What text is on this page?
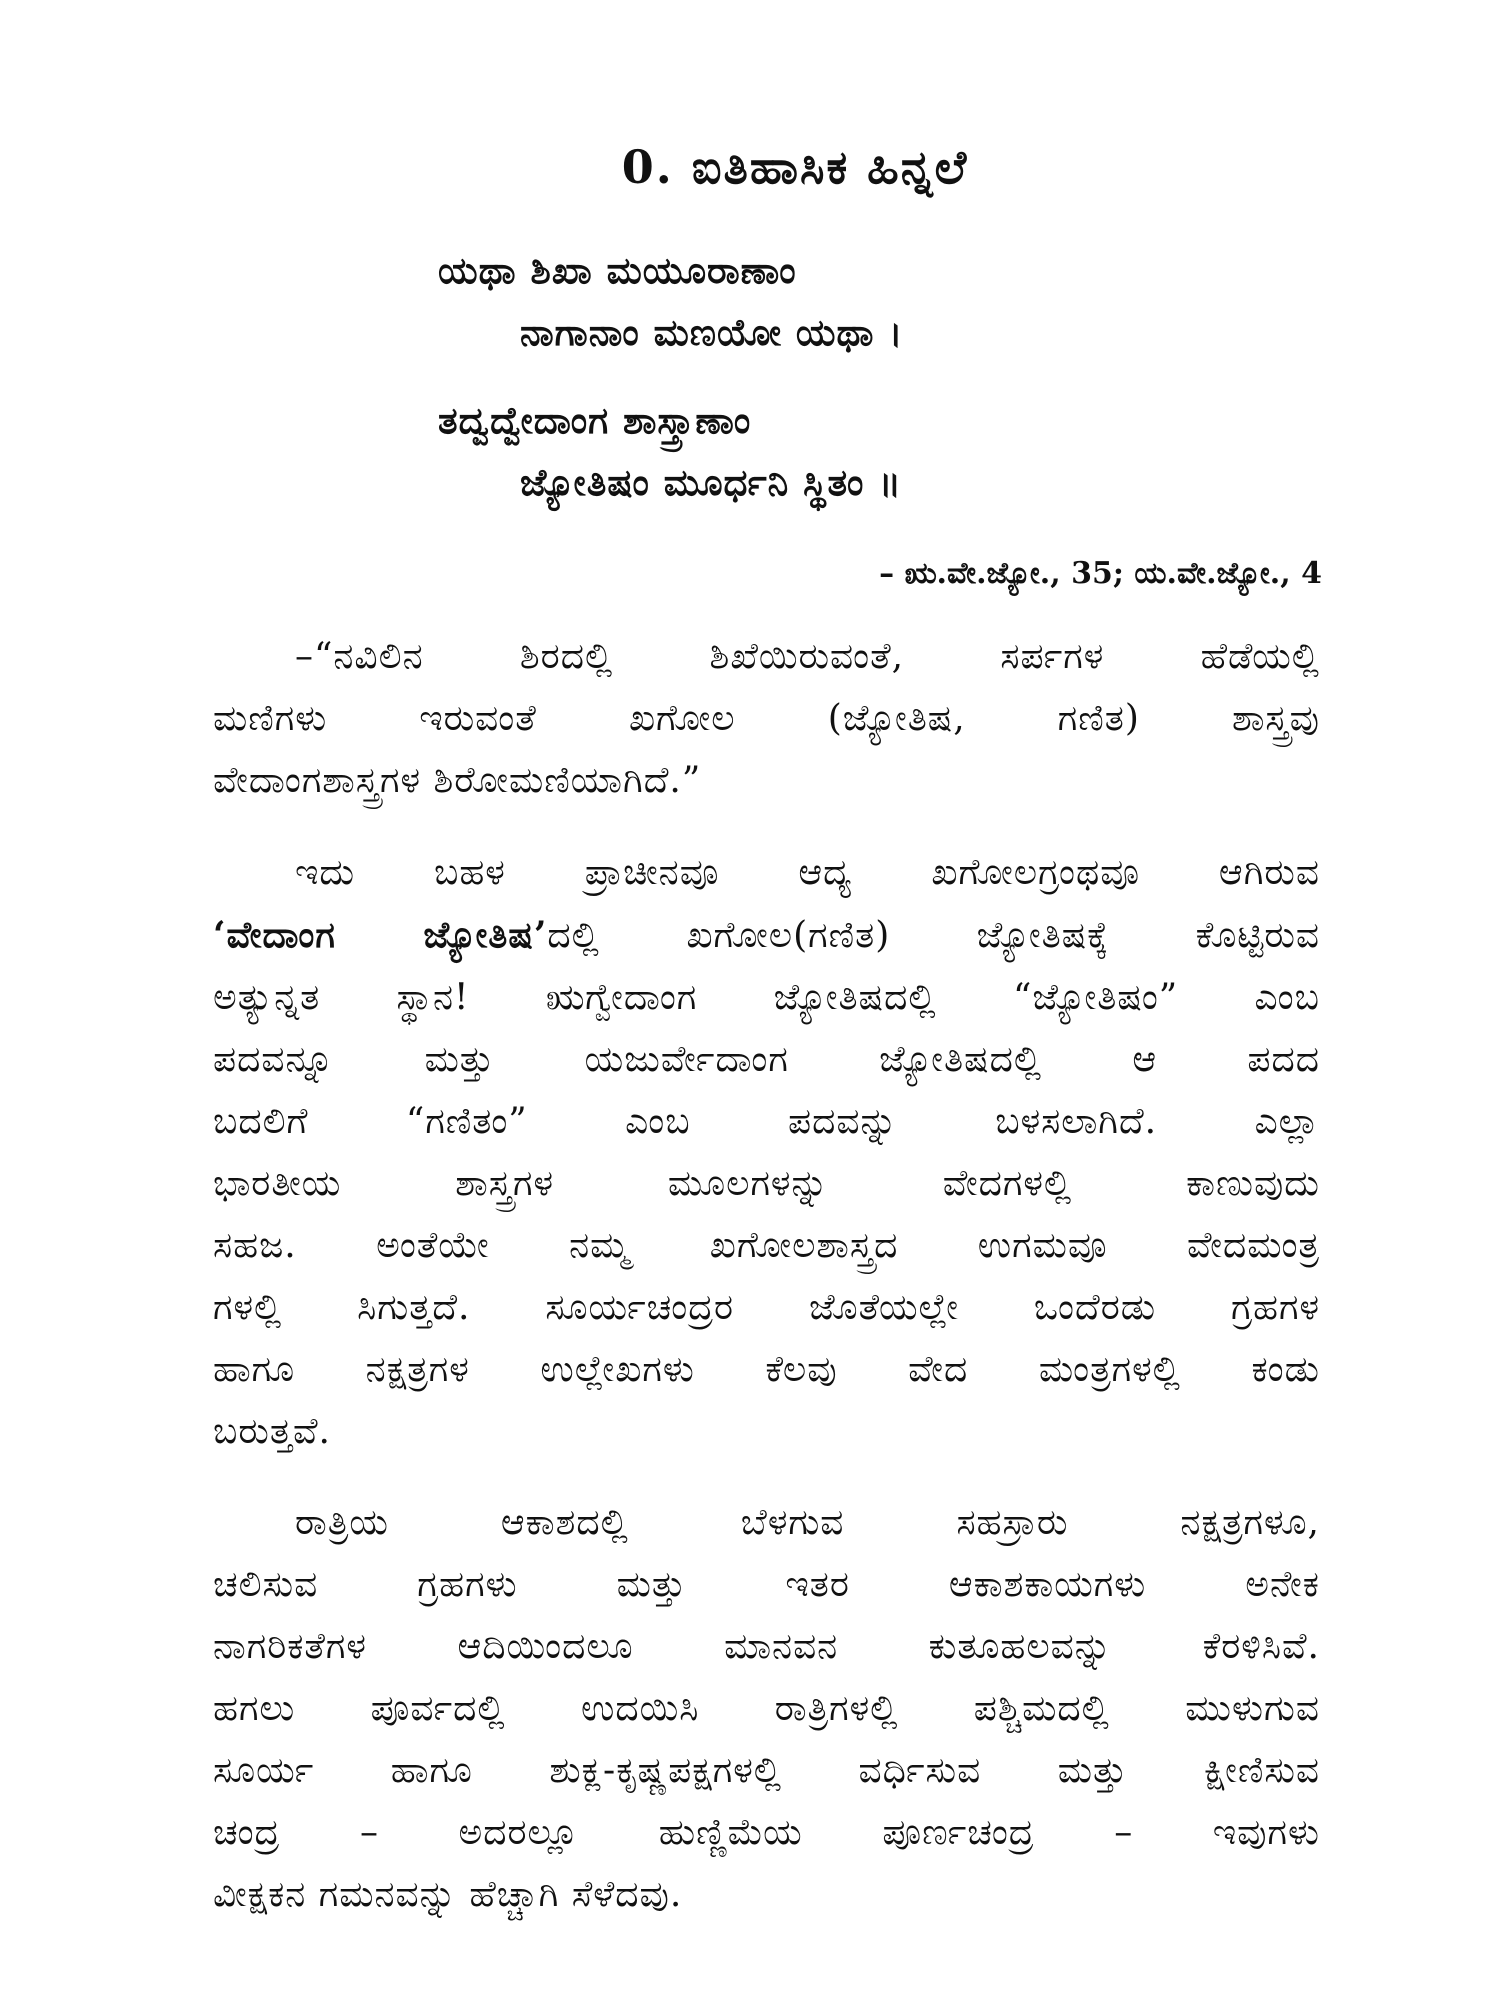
0. ಐತಿಹಾಸಿಕ ಹಿನ್ನಲೆ
ಯಥಾ ಶಿಖಾ ಮಯೂರಾಣಾಂ
ನಾಗಾನಾಂ ಮಣಯೋ ಯಥಾ ।
ತದ್ವದ್ವೇದಾಂಗ ಶಾಸ್ತ್ರಾಣಾಂ
ಜ್ಯೋತಿಷಂ ಮೂರ್ಧನಿ ಸ್ಥಿತಂ ॥
– ಋ.ವೇ.ಜ್ಯೋ., 35; ಯ.ವೇ.ಜ್ಯೋ., 4
–“ನವಿಲಿನ ಶಿರದಲ್ಲಿ ಶಿಖೆಯಿರುವಂತೆ, ಸರ್ಪಗಳ ಹೆಡೆಯಲ್ಲಿ
ಮಣಿಗಳು ಇರುವಂತೆ ಖಗೋಲ (ಜ್ಯೋತಿಷ, ಗಣಿತ) ಶಾಸ್ತ್ರವು
ವೇದಾಂಗಶಾಸ್ತ್ರಗಳ ಶಿರೋಮಣಿಯಾಗಿದೆ.”
ಇದು ಬಹಳ ಪ್ರಾಚೀನವೂ ಆದ್ಯ ಖಗೋಲಗ್ರಂಥವೂ ಆಗಿರುವ
‘ವೇದಾಂಗ ಜ್ಯೋತಿಷ’ದಲ್ಲಿ ಖಗೋಲ(ಗಣಿತ) ಜ್ಯೋತಿಷಕ್ಕೆ ಕೊಟ್ಟಿರುವ
ಅತ್ಯುನ್ನತ ಸ್ಥಾನ! ಋಗ್ವೇದಾಂಗ ಜ್ಯೋತಿಷದಲ್ಲಿ “ಜ್ಯೋತಿಷಂ” ಎಂಬ
ಪದವನ್ನೂ ಮತ್ತು ಯಜುರ್ವೇದಾಂಗ ಜ್ಯೋತಿಷದಲ್ಲಿ ಆ ಪದದ
ಬದಲಿಗೆ “ಗಣಿತಂ” ಎಂಬ ಪದವನ್ನು ಬಳಸಲಾಗಿದೆ. ಎಲ್ಲಾ
ಭಾರತೀಯ ಶಾಸ್ತ್ರಗಳ ಮೂಲಗಳನ್ನು ವೇದಗಳಲ್ಲಿ ಕಾಣುವುದು
ಸಹಜ. ಅಂತೆಯೇ ನಮ್ಮ ಖಗೋಲಶಾಸ್ತ್ರದ ಉಗಮವೂ ವೇದಮಂತ್ರ
ಗಳಲ್ಲಿ ಸಿಗುತ್ತದೆ. ಸೂರ್ಯಚಂದ್ರರ ಜೊತೆಯಲ್ಲೇ ಒಂದೆರಡು ಗ್ರಹಗಳ
ಹಾಗೂ ನಕ್ಷತ್ರಗಳ ಉಲ್ಲೇಖಗಳು ಕೆಲವು ವೇದ ಮಂತ್ರಗಳಲ್ಲಿ ಕಂಡು
ಬರುತ್ತವೆ.
ರಾತ್ರಿಯ ಆಕಾಶದಲ್ಲಿ ಬೆಳಗುವ ಸಹಸ್ರಾರು ನಕ್ಷತ್ರಗಳೂ,
ಚಲಿಸುವ ಗ್ರಹಗಳು ಮತ್ತು ಇತರ ಆಕಾಶಕಾಯಗಳು ಅನೇಕ
ನಾಗರಿಕತೆಗಳ ಆದಿಯಿಂದಲೂ ಮಾನವನ ಕುತೂಹಲವನ್ನು ಕೆರಳಿಸಿವೆ.
ಹಗಲು ಪೂರ್ವದಲ್ಲಿ ಉದಯಿಸಿ ರಾತ್ರಿಗಳಲ್ಲಿ ಪಶ್ಚಿಮದಲ್ಲಿ ಮುಳುಗುವ
ಸೂರ್ಯ ಹಾಗೂ ಶುಕ್ಲ-ಕೃಷ್ಣಪಕ್ಷಗಳಲ್ಲಿ ವರ್ಧಿಸುವ ಮತ್ತು ಕ್ಷೀಣಿಸುವ
ಚಂದ್ರ – ಅದರಲ್ಲೂ ಹುಣ್ಣಿಮೆಯ ಪೂರ್ಣಚಂದ್ರ – ಇವುಗಳು
ವೀಕ್ಷಕನ ಗಮನವನ್ನು ಹೆಚ್ಚಾಗಿ ಸೆಳೆದವು.
